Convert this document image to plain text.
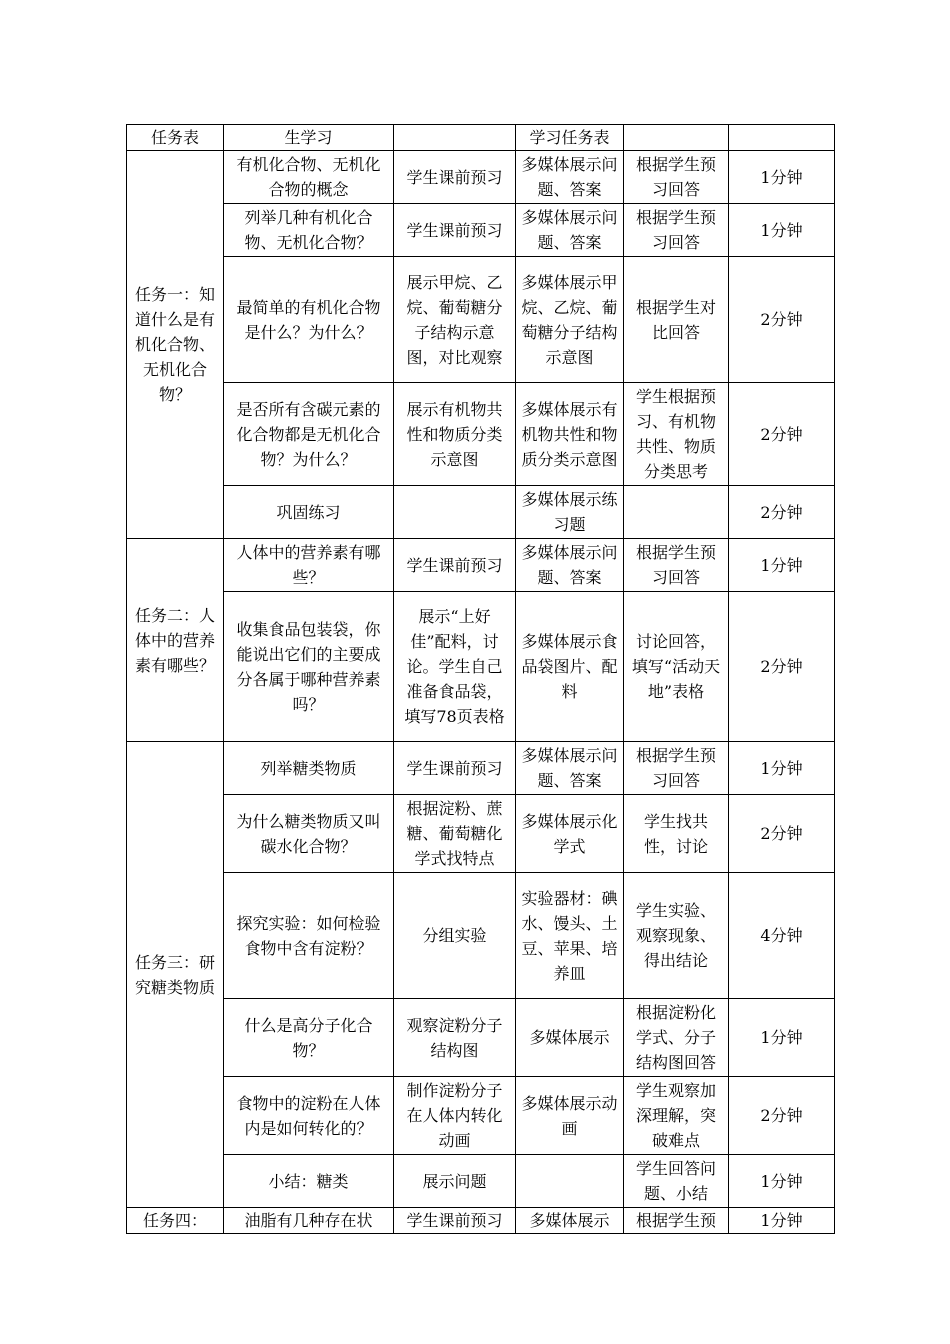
任务表	生学习		学习任务表		
任务一：知道什么是有机化合物、无机化合物？	有机化合物、无机化合物的概念	学生课前预习	多媒体展示问题、答案	根据学生预习回答	1分钟
	列举几种有机化合物、无机化合物？	学生课前预习	多媒体展示问题、答案	根据学生预习回答	1分钟
	最简单的有机化合物是什么？为什么？	展示甲烷、乙烷、葡萄糖分子结构示意图，对比观察	多媒体展示甲烷、乙烷、葡萄糖分子结构示意图	根据学生对比回答	2分钟
	是否所有含碳元素的化合物都是无机化合物？为什么？	展示有机物共性和物质分类示意图	多媒体展示有机物共性和物质分类示意图	学生根据预习、有机物共性、物质分类思考	2分钟
	巩固练习		多媒体展示练习题		2分钟
任务二：人体中的营养素有哪些？	人体中的营养素有哪些？	学生课前预习	多媒体展示问题、答案	根据学生预习回答	1分钟
	收集食品包装袋，你能说出它们的主要成分各属于哪种营养素吗？	展示“上好佳”配料，讨论。学生自己准备食品袋，填写78页表格	多媒体展示食品袋图片、配料	讨论回答，填写“活动天地”表格	2分钟
任务三：研究糖类物质	列举糖类物质	学生课前预习	多媒体展示问题、答案	根据学生预习回答	1分钟
	为什么糖类物质又叫碳水化合物？	根据淀粉、蔗糖、葡萄糖化学式找特点	多媒体展示化学式	学生找共性，讨论	2分钟
	探究实验：如何检验食物中含有淀粉？	分组实验	实验器材：碘水、馒头、土豆、苹果、培养皿	学生实验、观察现象、得出结论	4分钟
	什么是高分子化合物？	观察淀粉分子结构图	多媒体展示	根据淀粉化学式、分子结构图回答	1分钟
	食物中的淀粉在人体内是如何转化的？	制作淀粉分子在人体内转化动画	多媒体展示动画	学生观察加深理解，突破难点	2分钟
	小结：糖类	展示问题		学生回答问题、小结	1分钟
任务四：	油脂有几种存在状	学生课前预习	多媒体展示	根据学生预	1分钟
